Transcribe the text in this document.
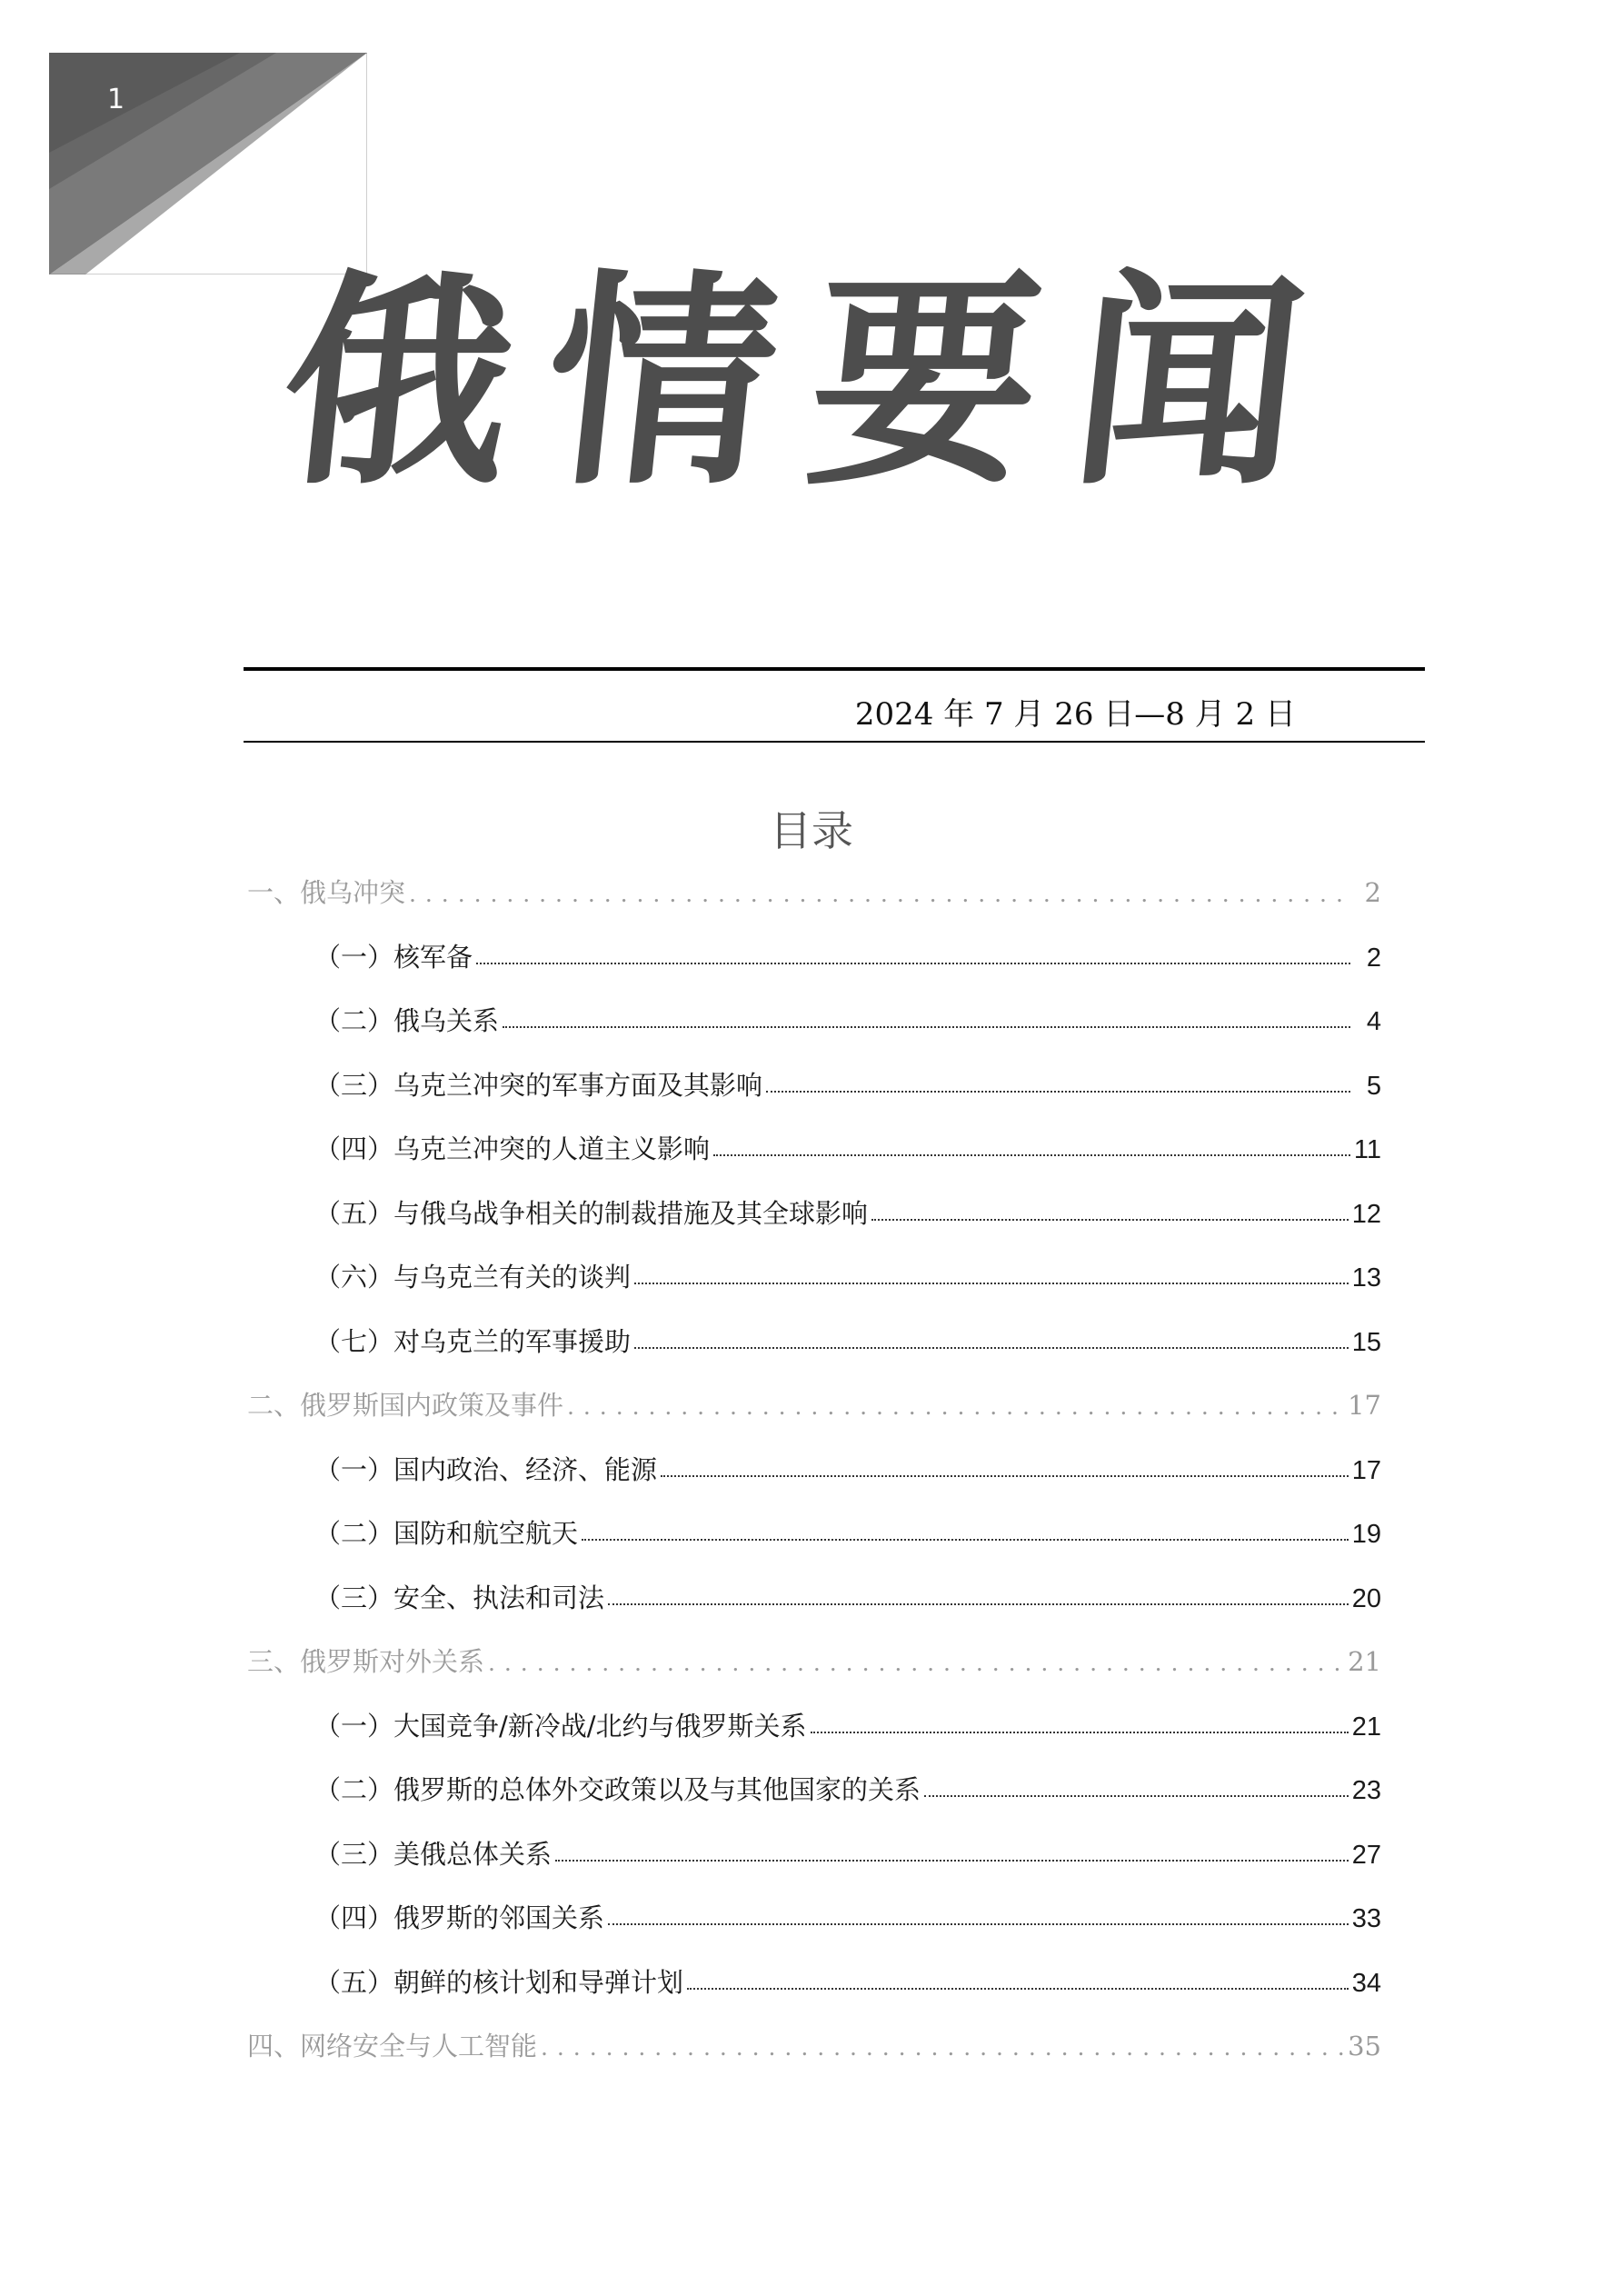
1
俄情要闻
2024 年 7 月 26 日—8 月 2 日
目录
一、俄乌冲突 . . .	2
（一）核军备	2
（二）俄乌关系	4
（三）乌克兰冲突的军事方面及其影响	5
（四）乌克兰冲突的人道主义影响	11
（五）与俄乌战争相关的制裁措施及其全球影响	12
（六）与乌克兰有关的谈判	13
（七）对乌克兰的军事援助	15
二、俄罗斯国内政策及事件 . . .	17
（一）国内政治、经济、能源	17
（二）国防和航空航天	19
（三）安全、执法和司法	20
三、俄罗斯对外关系 . . .	21
（一）大国竞争/新冷战/北约与俄罗斯关系	21
（二）俄罗斯的总体外交政策以及与其他国家的关系	23
（三）美俄总体关系	27
（四）俄罗斯的邻国关系	33
（五）朝鲜的核计划和导弹计划	34
四、网络安全与人工智能 . . .	35
